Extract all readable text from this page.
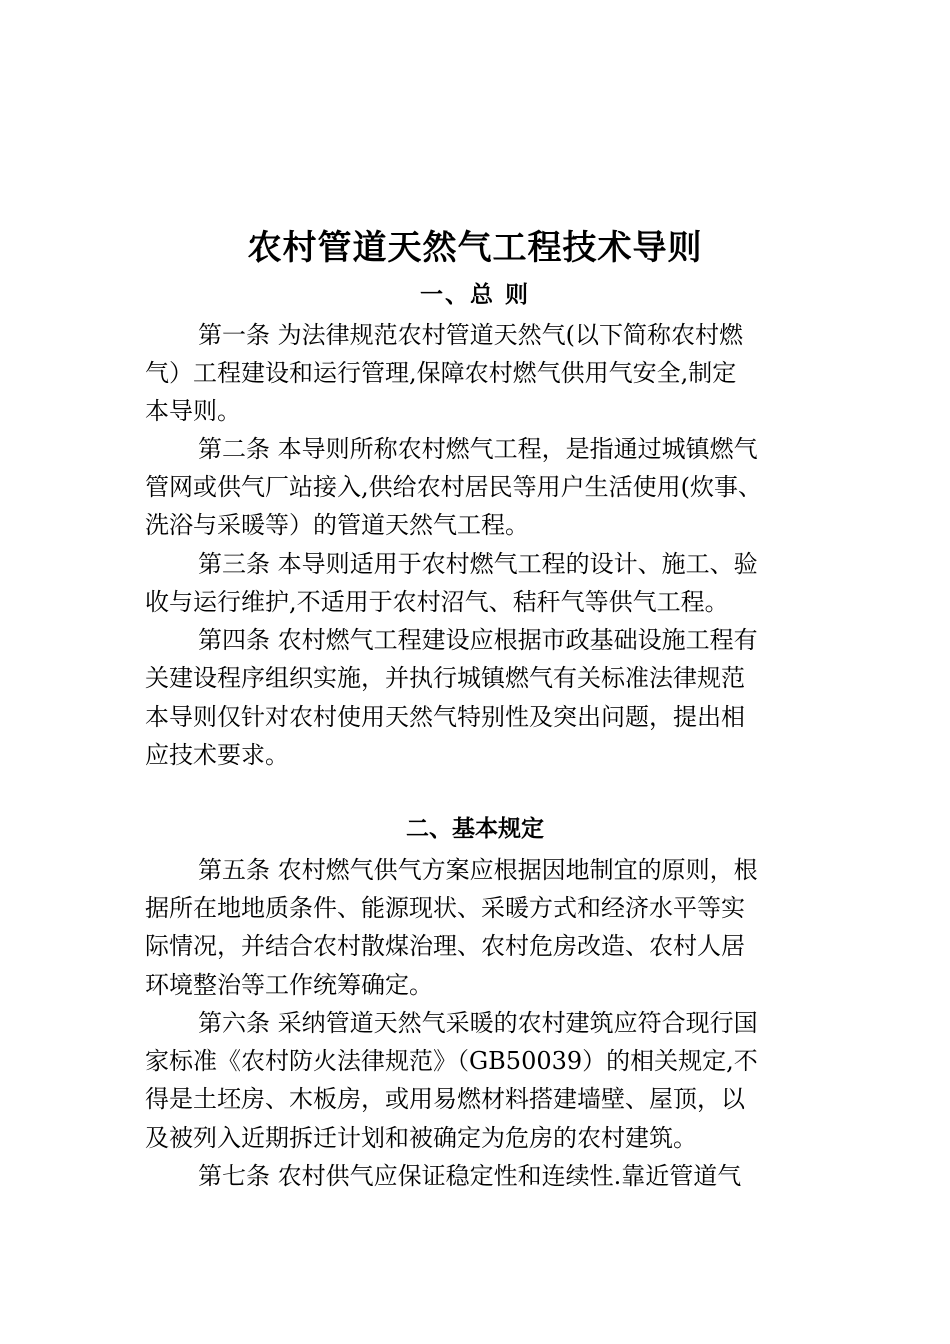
农村管道天然气工程技术导则
一、总 则
第一条 为法律规范农村管道天然气(以下简称农村燃
气）工程建设和运行管理,保障农村燃气供用气安全,制定
本导则。
第二条 本导则所称农村燃气工程，是指通过城镇燃气
管网或供气厂站接入,供给农村居民等用户生活使用(炊事、
洗浴与采暖等）的管道天然气工程。
第三条 本导则适用于农村燃气工程的设计、施工、验
收与运行维护,不适用于农村沼气、秸秆气等供气工程。
第四条 农村燃气工程建设应根据市政基础设施工程有
关建设程序组织实施，并执行城镇燃气有关标准法律规范
本导则仅针对农村使用天然气特别性及突出问题，提出相
应技术要求。
二、基本规定
第五条 农村燃气供气方案应根据因地制宜的原则，根
据所在地地质条件、能源现状、采暖方式和经济水平等实
际情况，并结合农村散煤治理、农村危房改造、农村人居
环境整治等工作统筹确定。
第六条 采纳管道天然气采暖的农村建筑应符合现行国
家标准《农村防火法律规范》（GB50039）的相关规定,不
得是土坯房、木板房，或用易燃材料搭建墙壁、屋顶，以
及被列入近期拆迁计划和被确定为危房的农村建筑。
第七条 农村供气应保证稳定性和连续性.靠近管道气
